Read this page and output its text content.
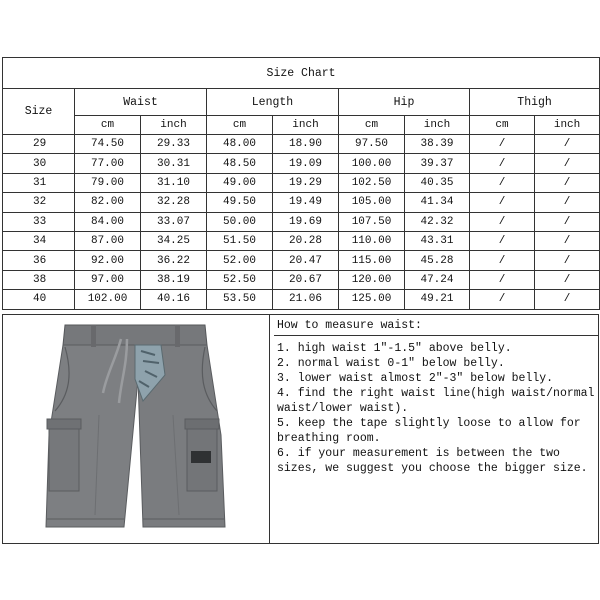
Size Chart								
Size	Waist		Length		Hip		Thigh	
	cm	inch	cm	inch	cm	inch	cm	inch
29	74.50	29.33	48.00	18.90	97.50	38.39	/	/
30	77.00	30.31	48.50	19.09	100.00	39.37	/	/
31	79.00	31.10	49.00	19.29	102.50	40.35	/	/
32	82.00	32.28	49.50	19.49	105.00	41.34	/	/
33	84.00	33.07	50.00	19.69	107.50	42.32	/	/
34	87.00	34.25	51.50	20.28	110.00	43.31	/	/
36	92.00	36.22	52.00	20.47	115.00	45.28	/	/
38	97.00	38.19	52.50	20.67	120.00	47.24	/	/
40	102.00	40.16	53.50	21.06	125.00	49.21	/	/
How to measure waist:

1. high waist 1"-1.5" above belly.

2. normal waist 0-1" below belly.

3. lower waist almost 2"-3" below belly.

4. find the right waist line(high waist/normal waist/lower waist).

5. keep the tape slightly loose to allow for breathing room.

6. if your measurement is between the two sizes, we suggest you choose the bigger size.
